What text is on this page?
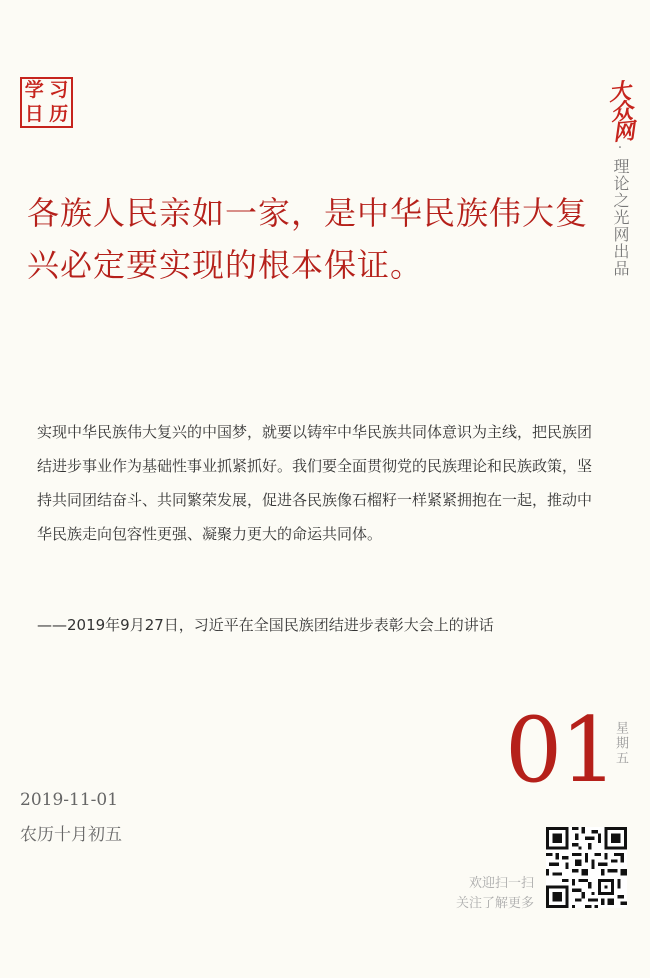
学 习
日 历	大众网
·
理论之光网出品
各族人民亲如一家，是中华民族伟大复兴必定要实现的根本保证。

实现中华民族伟大复兴的中国梦，就要以铸牢中华民族共同体意识为主线，把民族团结进步事业作为基础性事业抓紧抓好。我们要全面贯彻党的民族理论和民族政策，坚持共同团结奋斗、共同繁荣发展，促进各民族像石榴籽一样紧紧拥抱在一起，推动中华民族走向包容性更强、凝聚力更大的命运共同体。

——2019年9月27日，习近平在全国民族团结进步表彰大会上的讲话

01
星期五
2019-11-01
农历十月初五
欢迎扫一扫
关注了解更多
